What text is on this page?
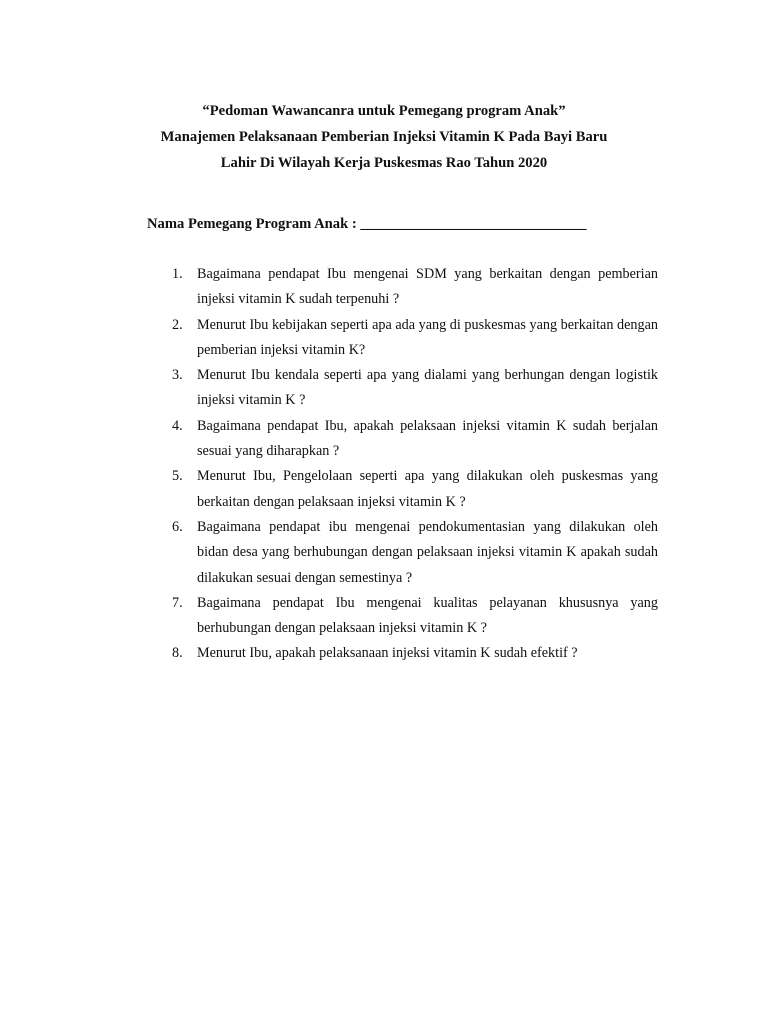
“Pedoman Wawancanra untuk Pemegang program Anak”
Manajemen Pelaksanaan Pemberian Injeksi Vitamin K Pada Bayi Baru
Lahir Di Wilayah Kerja Puskesmas Rao Tahun 2020
Nama Pemegang Program Anak : _______________________________
1. Bagaimana pendapat Ibu mengenai SDM yang berkaitan dengan pemberian injeksi vitamin K sudah terpenuhi ?
2. Menurut Ibu kebijakan seperti apa ada yang di puskesmas yang berkaitan dengan pemberian injeksi vitamin K?
3. Menurut Ibu kendala seperti apa yang dialami yang berhungan dengan logistik injeksi vitamin K ?
4. Bagaimana pendapat Ibu, apakah pelaksaan injeksi vitamin K sudah berjalan sesuai yang diharapkan ?
5. Menurut Ibu, Pengelolaan seperti apa yang dilakukan oleh puskesmas yang berkaitan dengan pelaksaan injeksi vitamin K ?
6. Bagaimana pendapat ibu mengenai pendokumentasian yang dilakukan oleh bidan desa yang berhubungan dengan pelaksaan injeksi vitamin K apakah sudah dilakukan sesuai dengan semestinya ?
7. Bagaimana pendapat Ibu mengenai kualitas pelayanan khususnya yang berhubungan dengan pelaksaan injeksi vitamin K ?
8. Menurut Ibu, apakah pelaksanaan injeksi vitamin K sudah efektif ?
